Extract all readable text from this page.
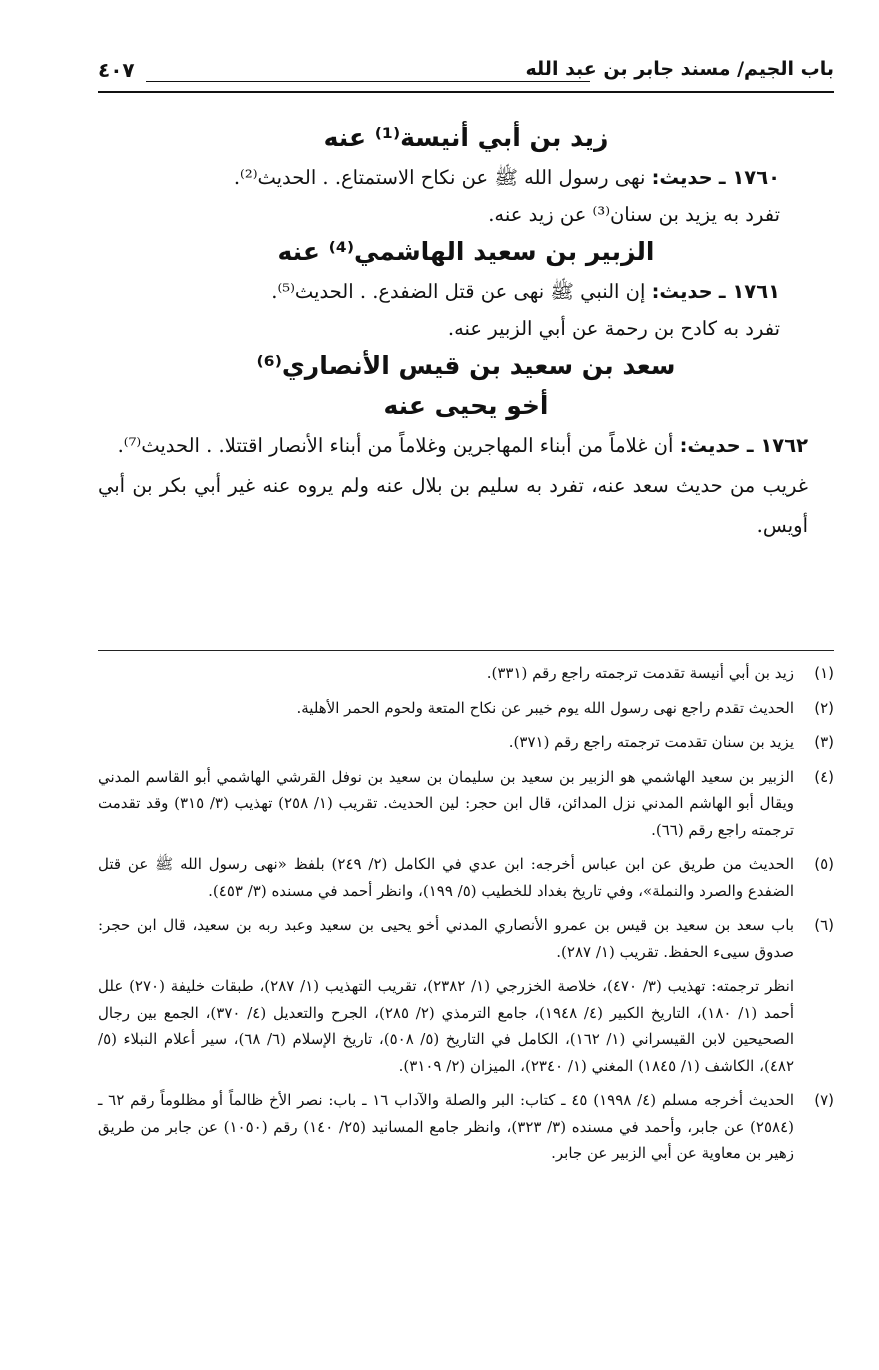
باب الجيم/ مسند جابر بن عبد الله
٤٠٧
زيد بن أبي أنيسة⁽¹⁾ عنه
١٧٦٠ ـ حديث: نهى رسول الله ﷺ عن نكاح الاستمتاع. . الحديث⁽²⁾.
تفرد به يزيد بن سنان⁽³⁾ عن زيد عنه.
الزبير بن سعيد الهاشمي⁽⁴⁾ عنه
١٧٦١ ـ حديث: إن النبي ﷺ نهى عن قتل الضفدع. . الحديث⁽⁵⁾.
تفرد به كادح بن رحمة عن أبي الزبير عنه.
سعد بن سعيد بن قيس الأنصاري⁽⁶⁾
أخو يحيى عنه
١٧٦٢ ـ حديث: أن غلاماً من أبناء المهاجرين وغلاماً من أبناء الأنصار اقتتلا. . الحديث⁽⁷⁾.
غريب من حديث سعد عنه، تفرد به سليم بن بلال عنه ولم يروه عنه غير أبي بكر بن أبي أويس.
(١)
زيد بن أبي أنيسة تقدمت ترجمته راجع رقم (٣٣١).
(٢)
الحديث تقدم راجع نهى رسول الله يوم خيبر عن نكاح المتعة ولحوم الحمر الأهلية.
(٣)
يزيد بن سنان تقدمت ترجمته راجع رقم (٣٧١).
(٤)
الزبير بن سعيد الهاشمي هو الزبير بن سعيد بن سليمان بن سعيد بن نوفل القرشي الهاشمي أبو القاسم المدني ويقال أبو الهاشم المدني نزل المدائن، قال ابن حجر: لين الحديث. تقريب (١/ ٢٥٨) تهذيب (٣/ ٣١٥) وقد تقدمت ترجمته راجع رقم (٦٦).
(٥)
الحديث من طريق عن ابن عباس أخرجه: ابن عدي في الكامل (٢/ ٢٤٩) بلفظ «نهى رسول الله ﷺ عن قتل الضفدع والصرد والنملة»، وفي تاريخ بغداد للخطيب (٥/ ١٩٩)، وانظر أحمد في مسنده (٣/ ٤٥٣).
(٦)
باب سعد بن سعيد بن قيس بن عمرو الأنصاري المدني أخو يحيى بن سعيد وعبد ربه بن سعيد، قال ابن حجر: صدوق سيىء الحفظ. تقريب (١/ ٢٨٧).
انظر ترجمته: تهذيب (٣/ ٤٧٠)، خلاصة الخزرجي (١/ ٢٣٨٢)، تقريب التهذيب (١/ ٢٨٧)، طبقات خليفة (٢٧٠) علل أحمد (١/ ١٨٠)، التاريخ الكبير (٤/ ١٩٤٨)، جامع الترمذي (٢/ ٢٨٥)، الجرح والتعديل (٤/ ٣٧٠)، الجمع بين رجال الصحيحين لابن القيسراني (١/ ١٦٢)، الكامل في التاريخ (٥/ ٥٠٨)، تاريخ الإسلام (٦/ ٦٨)، سير أعلام النبلاء (٥/ ٤٨٢)، الكاشف (١/ ١٨٤٥) المغني (١/ ٢٣٤٠)، الميزان (٢/ ٣١٠٩).
(٧)
الحديث أخرجه مسلم (٤/ ١٩٩٨) ٤٥ ـ كتاب: البر والصلة والآداب ١٦ ـ باب: نصر الأخ ظالماً أو مظلوماً رقم ٦٢ ـ (٢٥٨٤) عن جابر، وأحمد في مسنده (٣/ ٣٢٣)، وانظر جامع المسانيد (٢٥/ ١٤٠) رقم (١٠٥٠) عن جابر من طريق زهير بن معاوية عن أبي الزبير عن جابر.
